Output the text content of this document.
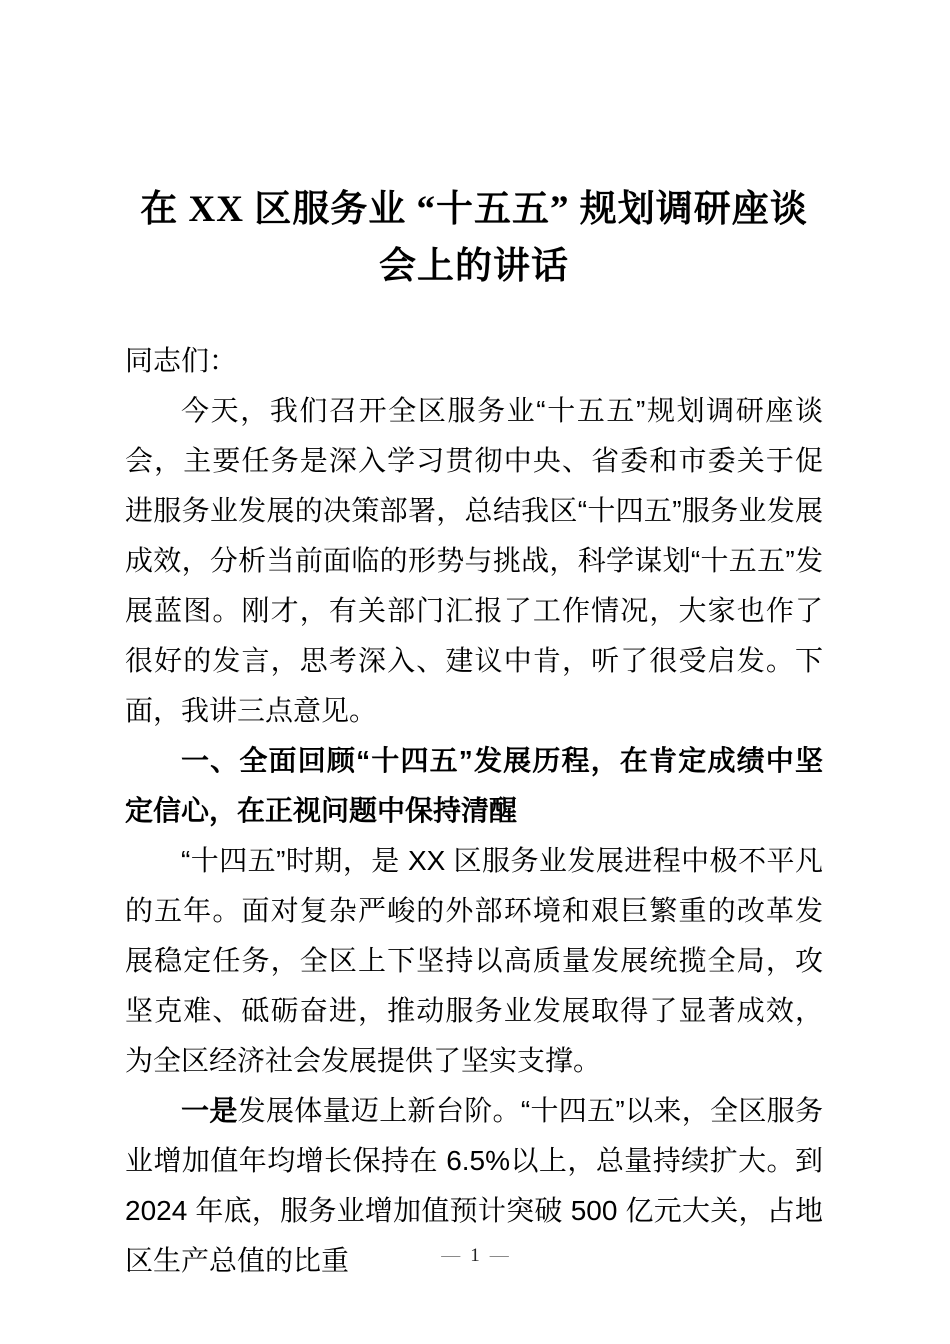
在 XX 区服务业 “十五五” 规划调研座谈
会上的讲话

同志们：

今天，我们召开全区服务业“十五五”规划调研座谈会，主要任务是深入学习贯彻中央、省委和市委关于促进服务业发展的决策部署，总结我区“十四五”服务业发展成效，分析当前面临的形势与挑战，科学谋划“十五五”发展蓝图。刚才，有关部门汇报了工作情况，大家也作了很好的发言，思考深入、建议中肯，听了很受启发。下面，我讲三点意见。

一、全面回顾“十四五”发展历程，在肯定成绩中坚定信心，在正视问题中保持清醒

“十四五”时期，是 XX 区服务业发展进程中极不平凡的五年。面对复杂严峻的外部环境和艰巨繁重的改革发展稳定任务，全区上下坚持以高质量发展统揽全局，攻坚克难、砥砺奋进，推动服务业发展取得了显著成效，为全区经济社会发展提供了坚实支撑。

一是发展体量迈上新台阶。“十四五”以来，全区服务业增加值年均增长保持在 6.5%以上，总量持续扩大。到 2024 年底，服务业增加值预计突破 500 亿元大关，占地区生产总值的比重	— 1 —
